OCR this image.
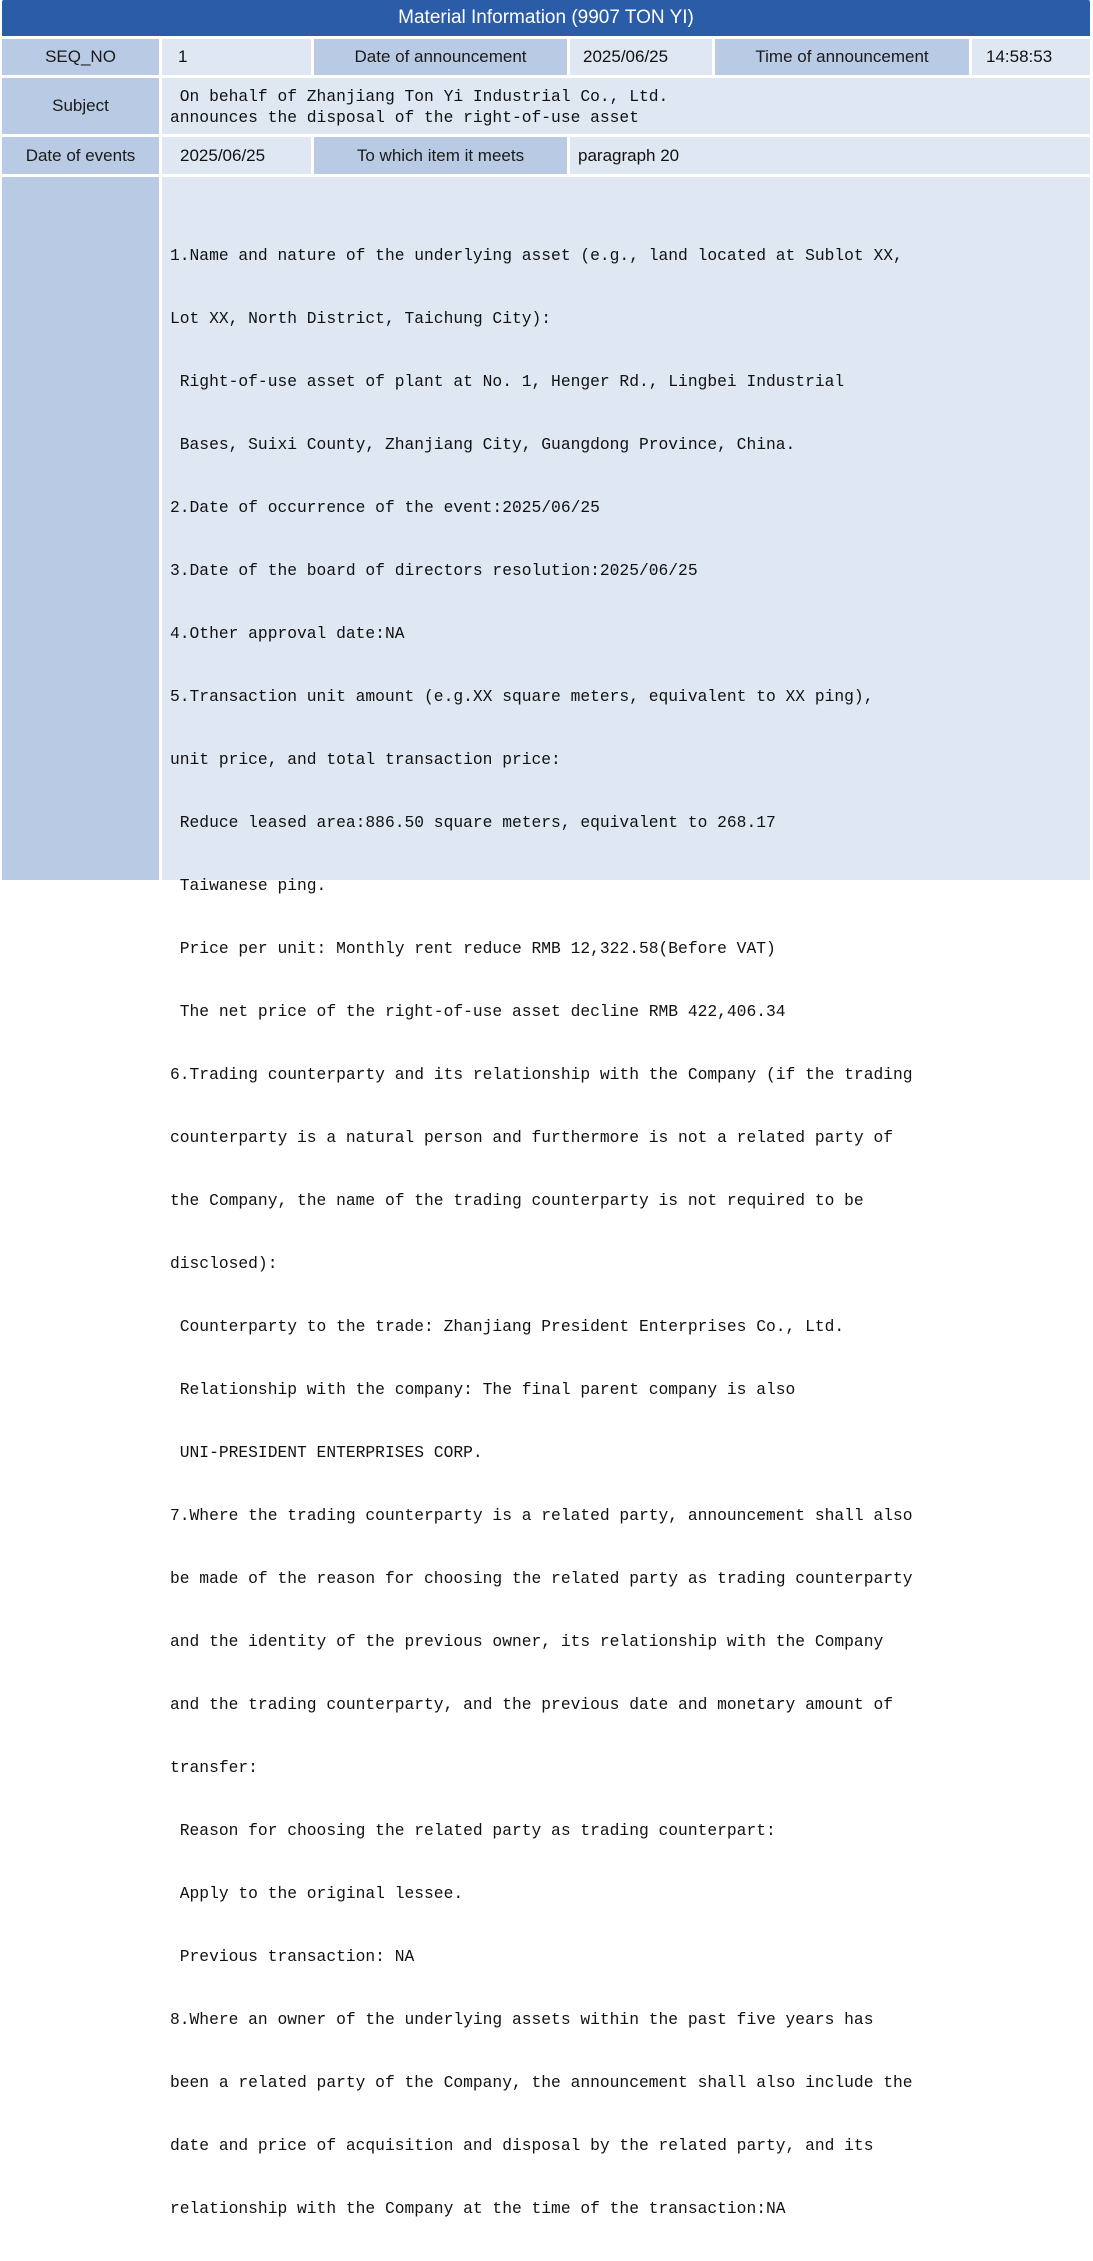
Material Information (9907 TON YI)
SEQ_NO	1	Date of announcement	2025/06/25	Time of announcement	14:58:53
Subject	On behalf of Zhanjiang Ton Yi Industrial Co., Ltd.
announces the disposal of the right-of-use asset
Date of events	2025/06/25	To which item it meets	paragraph 20

1.Name and nature of the underlying asset (e.g., land located at Sublot XX,

Lot XX, North District, Taichung City):

Right-of-use asset of plant at No. 1, Henger Rd., Lingbei Industrial

Bases, Suixi County, Zhanjiang City, Guangdong Province, China.

2.Date of occurrence of the event:2025/06/25

3.Date of the board of directors resolution:2025/06/25

4.Other approval date:NA

5.Transaction unit amount (e.g.XX square meters, equivalent to XX ping),

unit price, and total transaction price:

Reduce leased area:886.50 square meters, equivalent to 268.17

Taiwanese ping.

Price per unit: Monthly rent reduce RMB 12,322.58(Before VAT)

The net price of the right-of-use asset decline RMB 422,406.34

6.Trading counterparty and its relationship with the Company (if the trading

counterparty is a natural person and furthermore is not a related party of

the Company, the name of the trading counterparty is not required to be

disclosed):

Counterparty to the trade: Zhanjiang President Enterprises Co., Ltd.

Relationship with the company: The final parent company is also

UNI-PRESIDENT ENTERPRISES CORP.

7.Where the trading counterparty is a related party, announcement shall also

be made of the reason for choosing the related party as trading counterparty

and the identity of the previous owner, its relationship with the Company

and the trading counterparty, and the previous date and monetary amount of

transfer:

Reason for choosing the related party as trading counterpart:

Apply to the original lessee.

Previous transaction: NA

8.Where an owner of the underlying assets within the past five years has

been a related party of the Company, the announcement shall also include the

date and price of acquisition and disposal by the related party, and its

relationship with the Company at the time of the transaction:NA
